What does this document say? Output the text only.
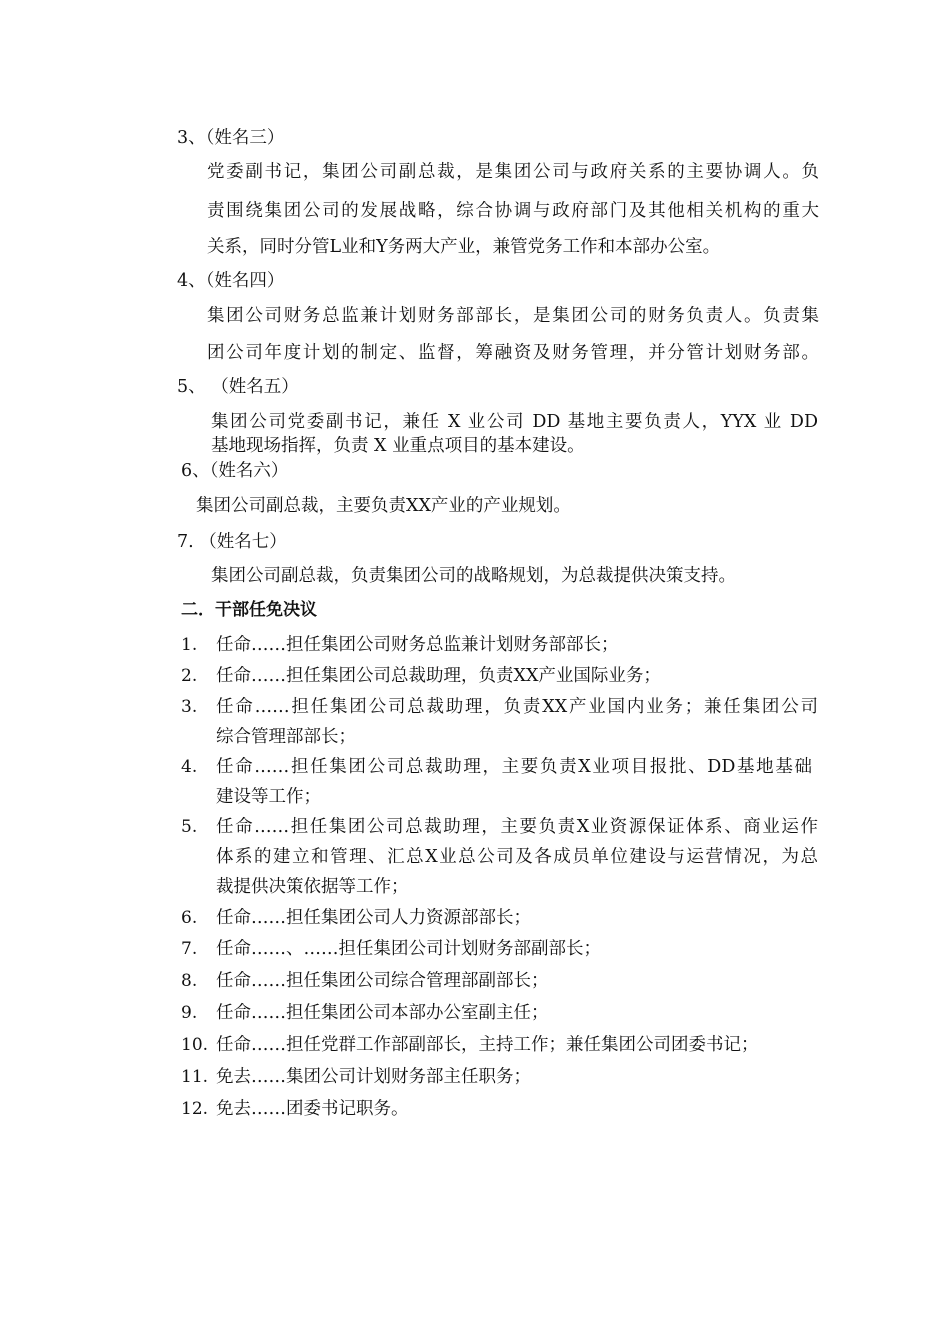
3、（姓名三）
党委副书记，集团公司副总裁，是集团公司与政府关系的主要协调人。负
责围绕集团公司的发展战略，综合协调与政府部门及其他相关机构的重大
关系，同时分管L业和Y务两大产业，兼管党务工作和本部办公室。
4、（姓名四）
集团公司财务总监兼计划财务部部长，是集团公司的财务负责人。负责集
团公司年度计划的制定、监督，筹融资及财务管理，并分管计划财务部。
5、 （姓名五）
集团公司党委副书记，兼任 X 业公司 DD 基地主要负责人，YYX 业 DD
基地现场指挥，负责 X 业重点项目的基本建设。
6、（姓名六）
集团公司副总裁，主要负责XX产业的产业规划。
7. （姓名七）
集团公司副总裁，负责集团公司的战略规划，为总裁提供决策支持。
二．干部任免决议
1. 任命……担任集团公司财务总监兼计划财务部部长；
2. 任命……担任集团公司总裁助理，负责XX产业国际业务；
3. 任命……担任集团公司总裁助理，负责XX产业国内业务；兼任集团公司
综合管理部部长；
4. 任命……担任集团公司总裁助理，主要负责X业项目报批、DD基地基础
建设等工作；
5. 任命……担任集团公司总裁助理，主要负责X业资源保证体系、商业运作
体系的建立和管理、汇总X业总公司及各成员单位建设与运营情况，为总
裁提供决策依据等工作；
6. 任命……担任集团公司人力资源部部长；
7. 任命……、……担任集团公司计划财务部副部长；
8. 任命……担任集团公司综合管理部副部长；
9. 任命……担任集团公司本部办公室副主任；
10. 任命……担任党群工作部副部长，主持工作；兼任集团公司团委书记；
11. 免去……集团公司计划财务部主任职务；
12. 免去……团委书记职务。
